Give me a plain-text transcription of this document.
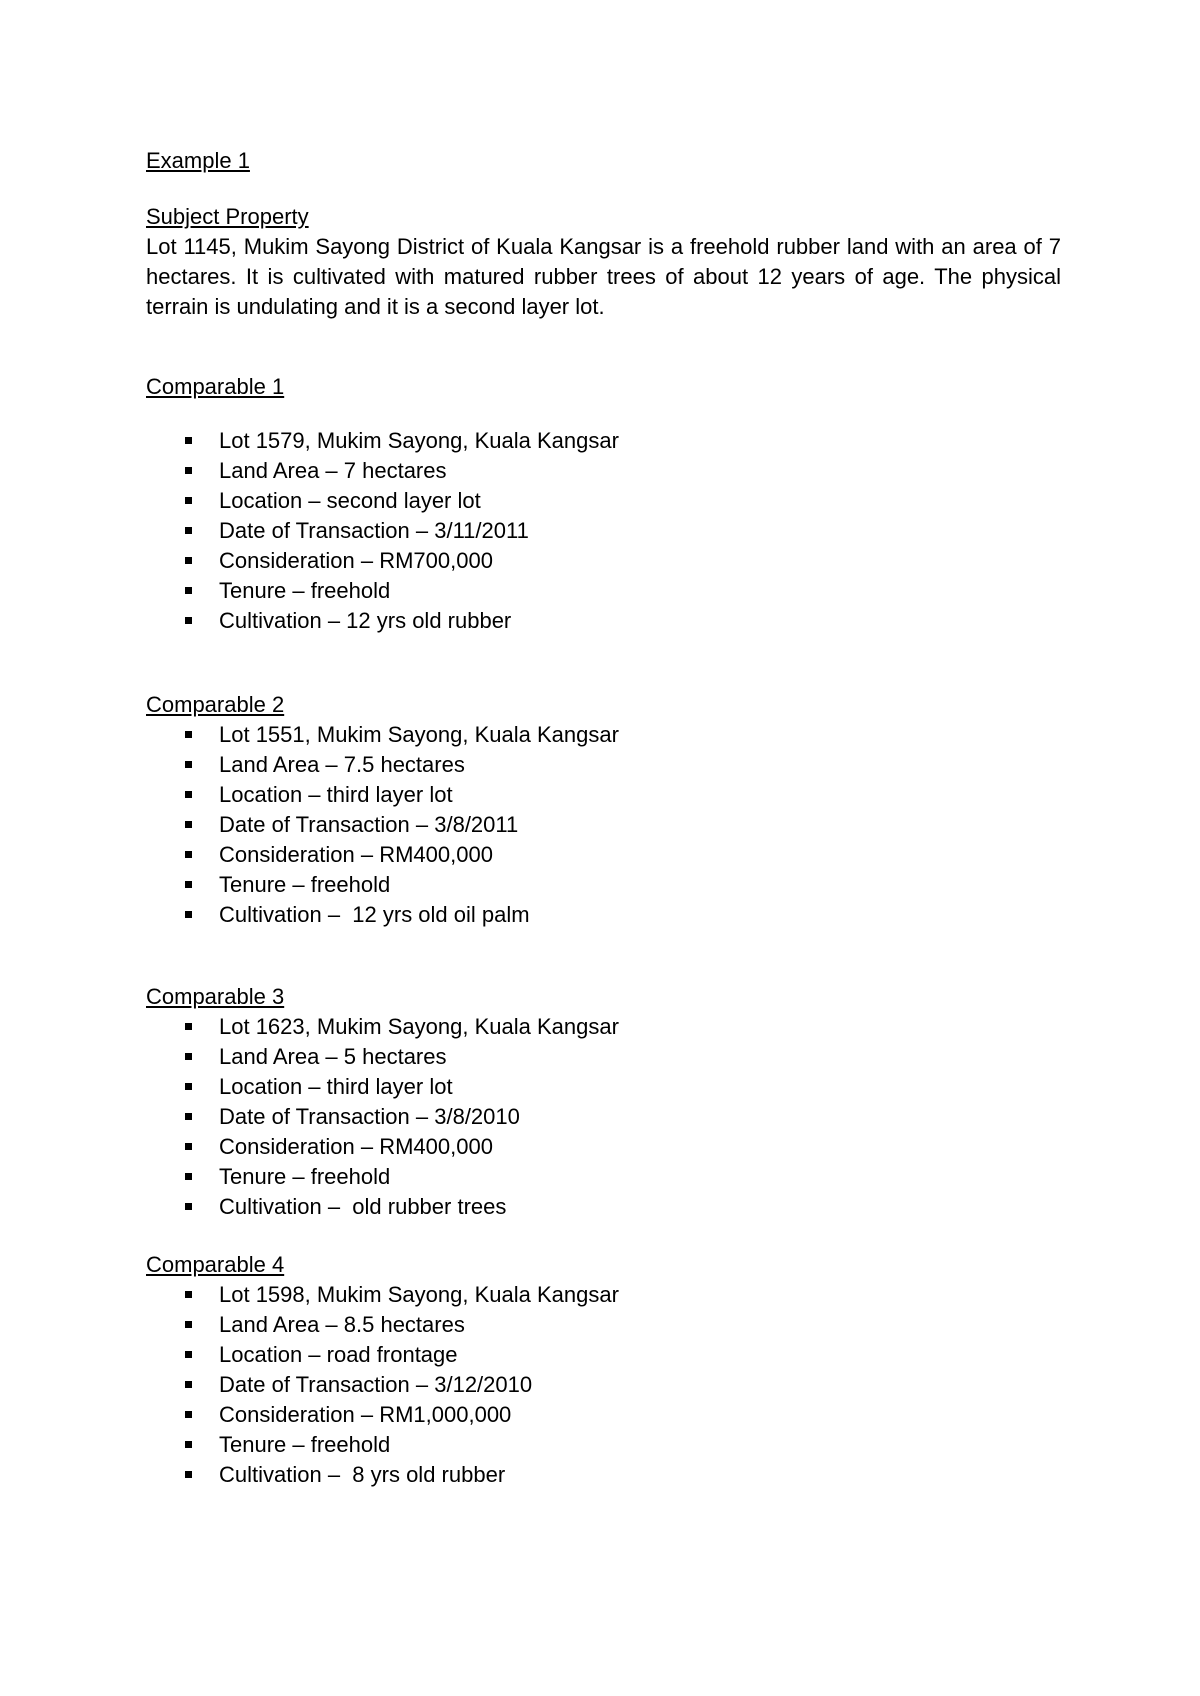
Example 1

Subject Property

Lot 1145, Mukim Sayong District of Kuala Kangsar is a freehold rubber land with an area of 7 hectares. It is cultivated with matured rubber trees of about 12 years of age. The physical terrain is undulating and it is a second layer lot.

Comparable 1

Lot 1579, Mukim Sayong, Kuala Kangsar
Land Area – 7 hectares
Location – second layer lot
Date of Transaction – 3/11/2011
Consideration – RM700,000
Tenure – freehold
Cultivation – 12 yrs old rubber

Comparable 2

Lot 1551, Mukim Sayong, Kuala Kangsar
Land Area – 7.5 hectares
Location – third layer lot
Date of Transaction – 3/8/2011
Consideration – RM400,000
Tenure – freehold
Cultivation –  12 yrs old oil palm

Comparable 3

Lot 1623, Mukim Sayong, Kuala Kangsar
Land Area – 5 hectares
Location – third layer lot
Date of Transaction – 3/8/2010
Consideration – RM400,000
Tenure – freehold
Cultivation –  old rubber trees

Comparable 4

Lot 1598, Mukim Sayong, Kuala Kangsar
Land Area – 8.5 hectares
Location – road frontage
Date of Transaction – 3/12/2010
Consideration – RM1,000,000
Tenure – freehold
Cultivation –  8 yrs old rubber
